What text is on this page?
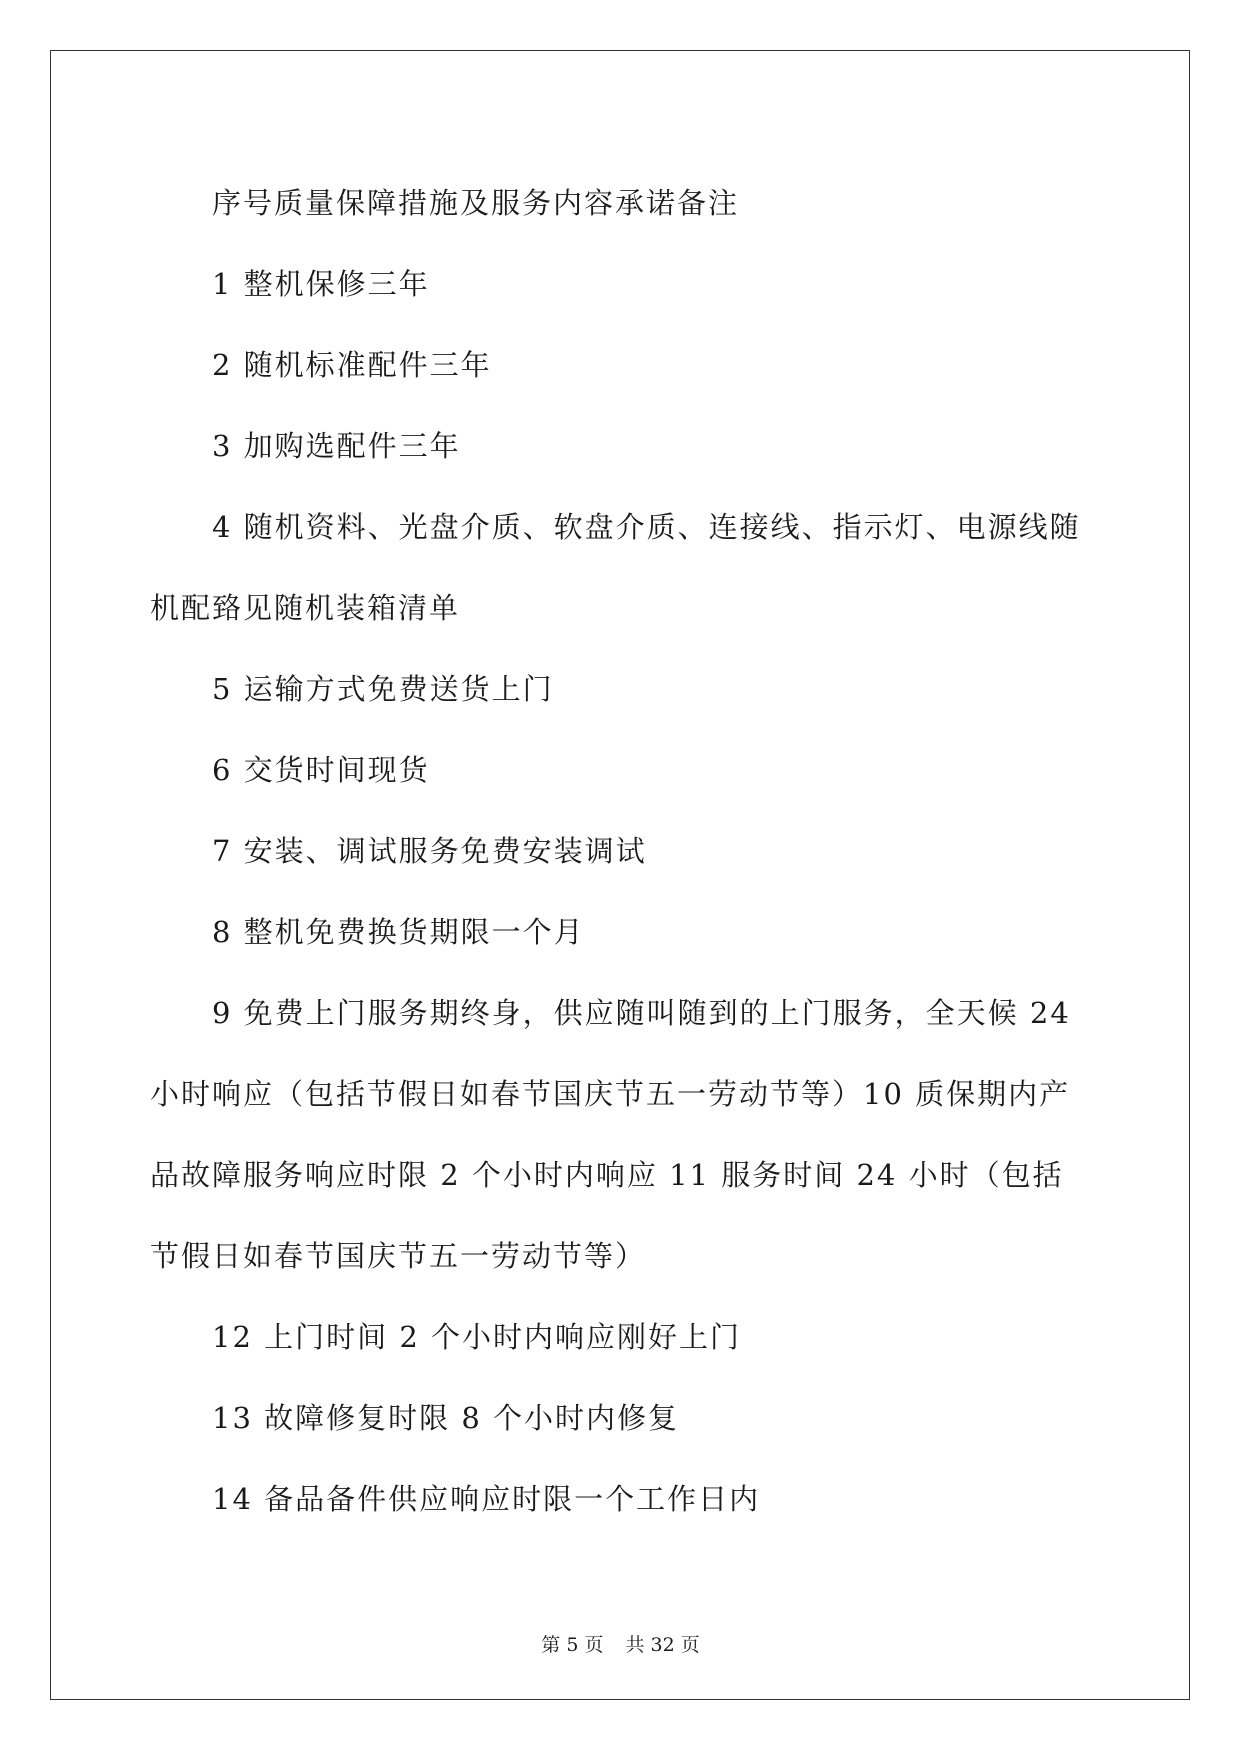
序号质量保障措施及服务内容承诺备注

1 整机保修三年

2 随机标准配件三年

3 加购选配件三年

4 随机资料、光盘介质、软盘介质、连接线、指示灯、电源线随机配臵见随机装箱清单

5 运输方式免费送货上门

6 交货时间现货

7 安装、调试服务免费安装调试

8 整机免费换货期限一个月

9 免费上门服务期终身，供应随叫随到的上门服务，全天候 24 小时响应（包括节假日如春节国庆节五一劳动节等）10 质保期内产品故障服务响应时限 2 个小时内响应 11 服务时间 24 小时（包括节假日如春节国庆节五一劳动节等）

12 上门时间 2 个小时内响应刚好上门

13 故障修复时限 8 个小时内修复

14 备品备件供应响应时限一个工作日内

第 5 页 共 32 页
